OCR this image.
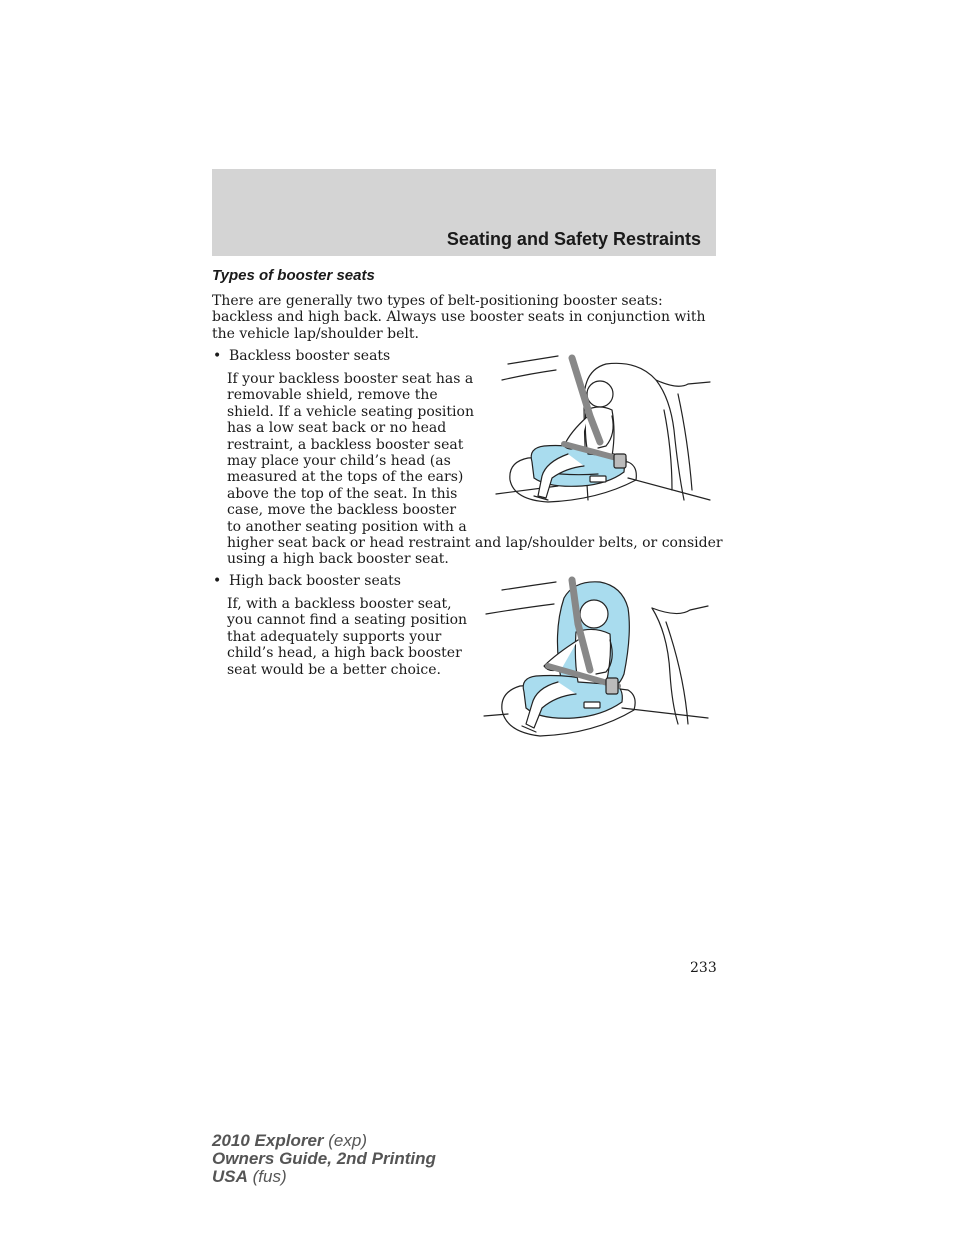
Seating and Safety Restraints
Types of booster seats

There are generally two types of belt-positioning booster seats: backless and high back. Always use booster seats in conjunction with the vehicle lap/shoulder belt.

• Backless booster seats

If your backless booster seat has a
removable shield, remove the
shield. If a vehicle seating position
has a low seat back or no head
restraint, a backless booster seat
may place your child’s head (as
measured at the tops of the ears)
above the top of the seat. In this
case, move the backless booster
to another seating position with a
higher seat back or head restraint and lap/shoulder belts, or consider
using a high back booster seat.

• High back booster seats

If, with a backless booster seat,
you cannot find a seating position
that adequately supports your
child’s head, a high back booster
seat would be a better choice.

233
2010 Explorer (exp)
Owners Guide, 2nd Printing
USA (fus)
